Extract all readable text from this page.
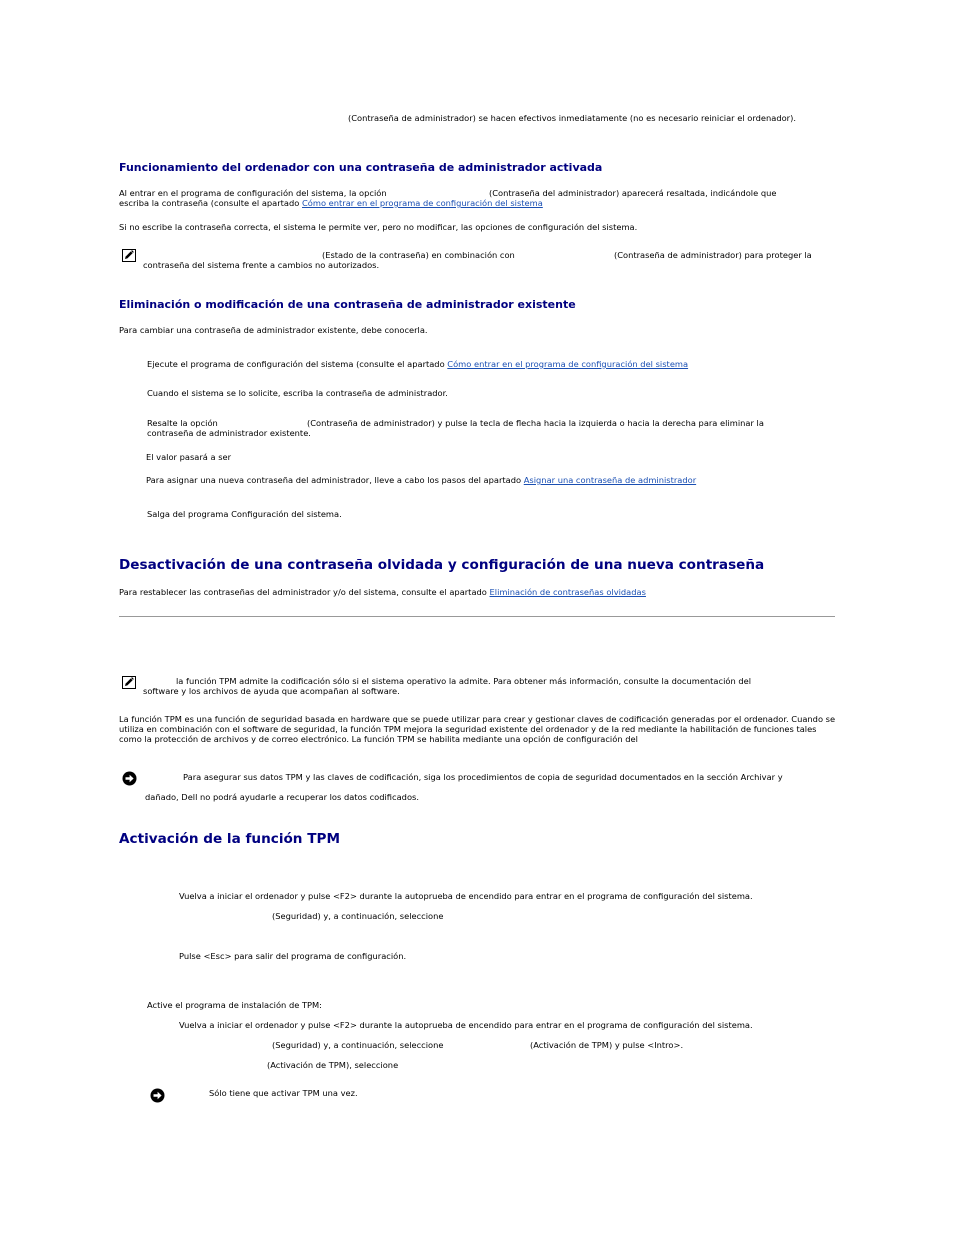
(Contraseña de administrador) se hacen efectivos inmediatamente (no es necesario reiniciar el ordenador).
Funcionamiento del ordenador con una contraseña de administrador activada
Al entrar en el programa de configuración del sistema, la opción	(Contraseña del administrador) aparecerá resaltada, indicándole que
escriba la contraseña (consulte el apartado Cómo entrar en el programa de configuración del sistema
Si no escribe la contraseña correcta, el sistema le permite ver, pero no modificar, las opciones de configuración del sistema.
(Estado de la contraseña) en combinación con	(Contraseña de administrador) para proteger la
contraseña del sistema frente a cambios no autorizados.
Eliminación o modificación de una contraseña de administrador existente
Para cambiar una contraseña de administrador existente, debe conocerla.
Ejecute el programa de configuración del sistema (consulte el apartado Cómo entrar en el programa de configuración del sistema
Cuando el sistema se lo solicite, escriba la contraseña de administrador.
Resalte la opción	(Contraseña de administrador) y pulse la tecla de flecha hacia la izquierda o hacia la derecha para eliminar la
contraseña de administrador existente.
El valor pasará a ser
Para asignar una nueva contraseña del administrador, lleve a cabo los pasos del apartado Asignar una contraseña de administrador
Salga del programa Configuración del sistema.
Desactivación de una contraseña olvidada y configuración de una nueva contraseña
Para restablecer las contraseñas del administrador y/o del sistema, consulte el apartado Eliminación de contraseñas olvidadas
la función TPM admite la codificación sólo si el sistema operativo la admite. Para obtener más información, consulte la documentación del
software y los archivos de ayuda que acompañan al software.
La función TPM es una función de seguridad basada en hardware que se puede utilizar para crear y gestionar claves de codificación generadas por el ordenador. Cuando se utiliza en combinación con el software de seguridad, la función TPM mejora la seguridad existente del ordenador y de la red mediante la habilitación de funciones tales como la protección de archivos y de correo electrónico. La función TPM se habilita mediante una opción de configuración del
Para asegurar sus datos TPM y las claves de codificación, siga los procedimientos de copia de seguridad documentados en la sección Archivar y
dañado, Dell no podrá ayudarle a recuperar los datos codificados.
Activación de la función TPM
Vuelva a iniciar el ordenador y pulse <F2> durante la autoprueba de encendido para entrar en el programa de configuración del sistema.
(Seguridad) y, a continuación, seleccione
Pulse <Esc> para salir del programa de configuración.
Active el programa de instalación de TPM:
Vuelva a iniciar el ordenador y pulse <F2> durante la autoprueba de encendido para entrar en el programa de configuración del sistema.
(Seguridad) y, a continuación, seleccione	(Activación de TPM) y pulse <Intro>.
(Activación de TPM), seleccione
Sólo tiene que activar TPM una vez.
